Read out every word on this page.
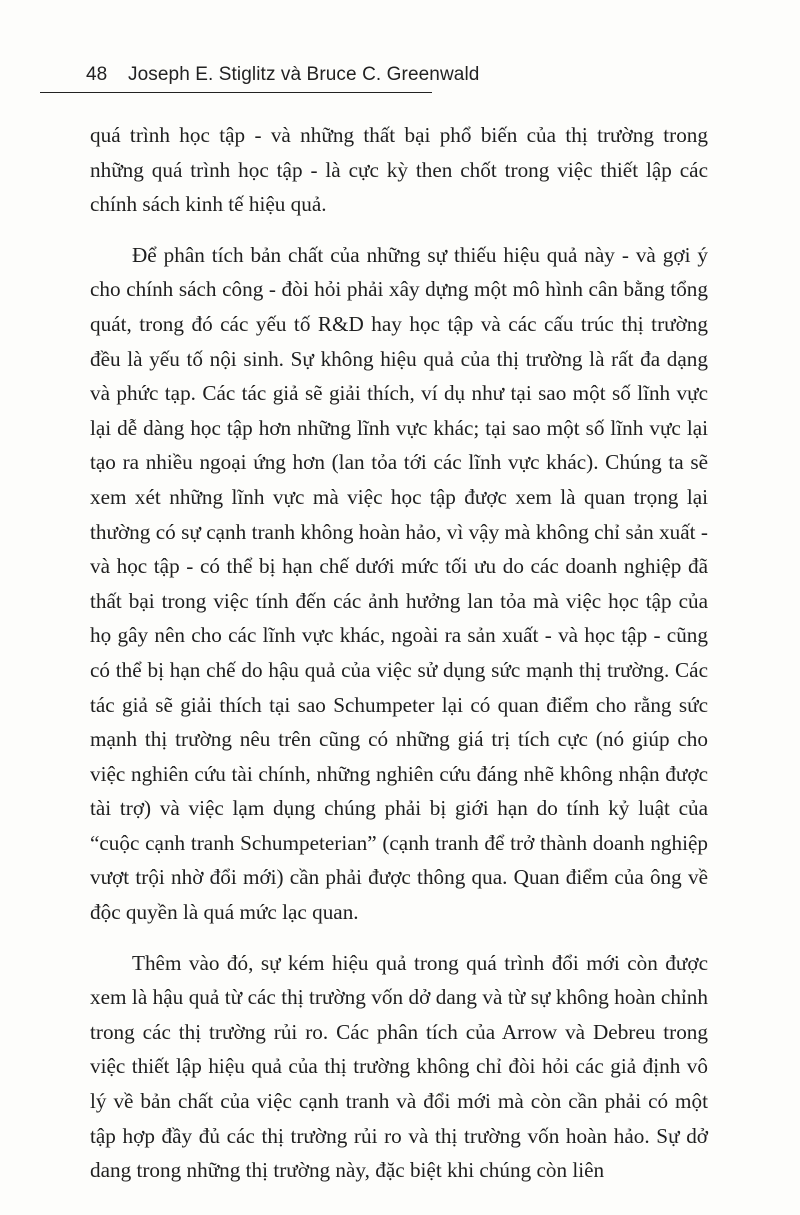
48 Joseph E. Stiglitz và Bruce C. Greenwald

quá trình học tập - và những thất bại phổ biến của thị trường trong những quá trình học tập - là cực kỳ then chốt trong việc thiết lập các chính sách kinh tế hiệu quả.

Để phân tích bản chất của những sự thiếu hiệu quả này - và gợi ý cho chính sách công - đòi hỏi phải xây dựng một mô hình cân bằng tổng quát, trong đó các yếu tố R&D hay học tập và các cấu trúc thị trường đều là yếu tố nội sinh. Sự không hiệu quả của thị trường là rất đa dạng và phức tạp. Các tác giả sẽ giải thích, ví dụ như tại sao một số lĩnh vực lại dễ dàng học tập hơn những lĩnh vực khác; tại sao một số lĩnh vực lại tạo ra nhiều ngoại ứng hơn (lan tỏa tới các lĩnh vực khác). Chúng ta sẽ xem xét những lĩnh vực mà việc học tập được xem là quan trọng lại thường có sự cạnh tranh không hoàn hảo, vì vậy mà không chỉ sản xuất - và học tập - có thể bị hạn chế dưới mức tối ưu do các doanh nghiệp đã thất bại trong việc tính đến các ảnh hưởng lan tỏa mà việc học tập của họ gây nên cho các lĩnh vực khác, ngoài ra sản xuất - và học tập - cũng có thể bị hạn chế do hậu quả của việc sử dụng sức mạnh thị trường. Các tác giả sẽ giải thích tại sao Schumpeter lại có quan điểm cho rằng sức mạnh thị trường nêu trên cũng có những giá trị tích cực (nó giúp cho việc nghiên cứu tài chính, những nghiên cứu đáng nhẽ không nhận được tài trợ) và việc lạm dụng chúng phải bị giới hạn do tính kỷ luật của “cuộc cạnh tranh Schumpeterian” (cạnh tranh để trở thành doanh nghiệp vượt trội nhờ đổi mới) cần phải được thông qua. Quan điểm của ông về độc quyền là quá mức lạc quan.

Thêm vào đó, sự kém hiệu quả trong quá trình đổi mới còn được xem là hậu quả từ các thị trường vốn dở dang và từ sự không hoàn chỉnh trong các thị trường rủi ro. Các phân tích của Arrow và Debreu trong việc thiết lập hiệu quả của thị trường không chỉ đòi hỏi các giả định vô lý về bản chất của việc cạnh tranh và đổi mới mà còn cần phải có một tập hợp đầy đủ các thị trường rủi ro và thị trường vốn hoàn hảo. Sự dở dang trong những thị trường này, đặc biệt khi chúng còn liên
